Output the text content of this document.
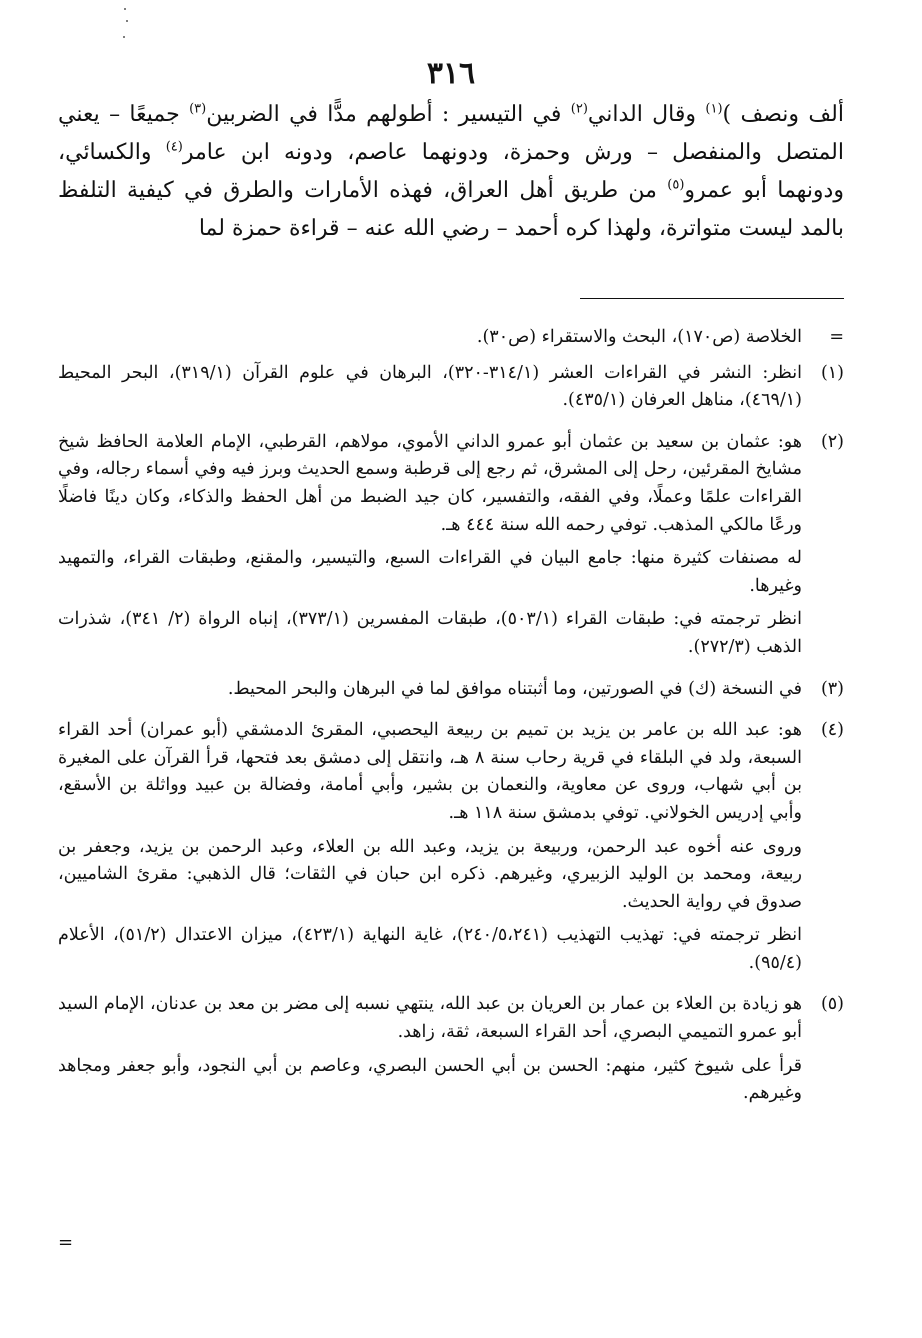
٣١٦

ألف ونصف )$^{(١)}$ وقال الداني$^{(٢)}$ في التيسير : أطولهم مدًّا في الضربين$^{(٣)}$ جميعًا – يعني المتصل والمنفصل – ورش وحمزة، ودونهما عاصم، ودونه ابن عامر$^{(٤)}$ والكسائي، ودونهما أبو عمرو$^{(٥)}$ من طريق أهل العراق، فهذه الأمارات والطرق في كيفية التلفظ بالمد ليست متواترة، ولهذا كره أحمد – رضي الله عنه – قراءة حمزة لما

=
الخلاصة (ص١٧٠)، البحث والاستقراء (ص٣٠).
(١)

انظر: النشر في القراءات العشر (٣١٤/١-٣٢٠)، البرهان في علوم القرآن (٣١٩/١)، البحر المحيط (٤٦٩/١)، مناهل العرفان (٤٣٥/١).

(٢)

هو: عثمان بن سعيد بن عثمان أبو عمرو الداني الأموي، مولاهم، القرطبي، الإمام العلامة الحافظ شيخ مشايخ المقرئين، رحل إلى المشرق، ثم رجع إلى قرطبة وسمع الحديث وبرز فيه وفي أسماء رجاله، وفي القراءات علمًا وعملًا، وفي الفقه، والتفسير، كان جيد الضبط من أهل الحفظ والذكاء، وكان دينًا فاضلًا ورعًا مالكي المذهب. توفي رحمه الله سنة ٤٤٤ هـ.

له مصنفات كثيرة منها: جامع البيان في القراءات السبع، والتيسير، والمقنع، وطبقات القراء، والتمهيد وغيرها.

انظر ترجمته في: طبقات القراء (٥٠٣/١)، طبقات المفسرين (٣٧٣/١)، إنباه الرواة (٢/ ٣٤١)، شذرات الذهب (٢٧٢/٣).

(٣)

في النسخة (ك) في الصورتين، وما أثبتناه موافق لما في البرهان والبحر المحيط.

(٤)

هو: عبد الله بن عامر بن يزيد بن تميم بن ربيعة اليحصبي، المقرئ الدمشقي (أبو عمران) أحد القراء السبعة، ولد في البلقاء في قرية رحاب سنة ٨ هـ، وانتقل إلى دمشق بعد فتحها، قرأ القرآن على المغيرة بن أبي شهاب، وروى عن معاوية، والنعمان بن بشير، وأبي أمامة، وفضالة بن عبيد وواثلة بن الأسقع، وأبي إدريس الخولاني. توفي بدمشق سنة ١١٨ هـ.

وروى عنه أخوه عبد الرحمن، وربيعة بن يزيد، وعبد الله بن العلاء، وعبد الرحمن بن يزيد، وجعفر بن ربيعة، ومحمد بن الوليد الزبيري، وغيرهم. ذكره ابن حبان في الثقات؛ قال الذهبي: مقرئ الشاميين، صدوق في رواية الحديث.

انظر ترجمته في: تهذيب التهذيب (٢٤٠/٥،٢٤١)، غاية النهاية (٤٢٣/١)، ميزان الاعتدال (٥١/٢)، الأعلام (٩٥/٤).

(٥)

هو زيادة بن العلاء بن عمار بن العريان بن عبد الله، ينتهي نسبه إلى مضر بن معد بن عدنان، الإمام السيد أبو عمرو التميمي البصري، أحد القراء السبعة، ثقة، زاهد.

قرأ على شيوخ كثير، منهم: الحسن بن أبي الحسن البصري، وعاصم بن أبي النجود، وأبو جعفر ومجاهد وغيرهم.

=
